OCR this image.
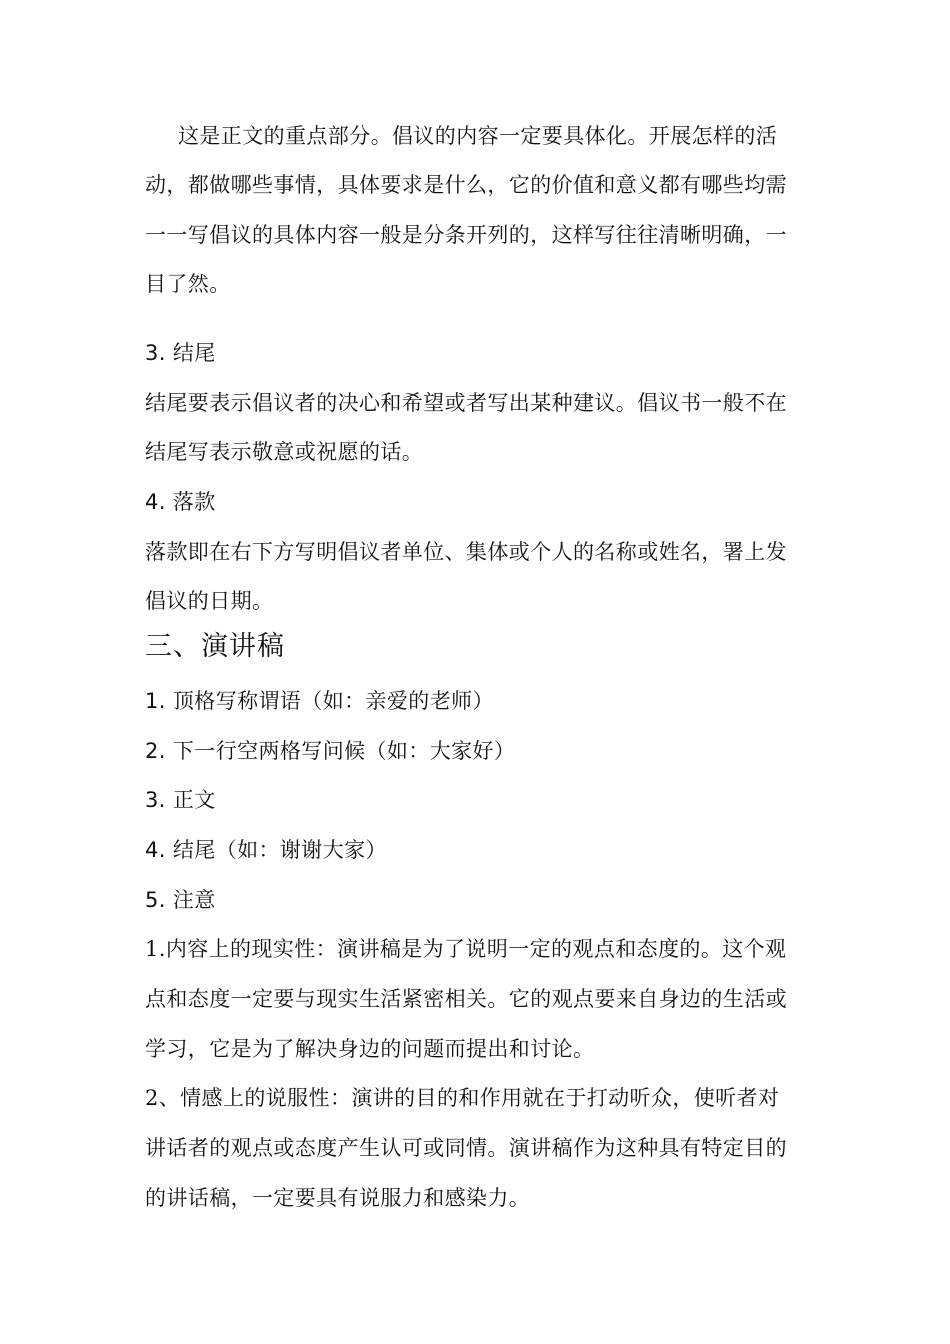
这是正文的重点部分。倡议的内容一定要具体化。开展怎样的活
动，都做哪些事情，具体要求是什么，它的价值和意义都有哪些均需
一一写倡议的具体内容一般是分条开列的，这样写往往清晰明确，一
目了然。
3. 结尾
结尾要表示倡议者的决心和希望或者写出某种建议。倡议书一般不在
结尾写表示敬意或祝愿的话。
4. 落款
落款即在右下方写明倡议者单位、集体或个人的名称或姓名，署上发
倡议的日期。
三、演讲稿
1. 顶格写称谓语（如：亲爱的老师）
2. 下一行空两格写问候（如：大家好）
3. 正文
4. 结尾（如：谢谢大家）
5. 注意
1.内容上的现实性：演讲稿是为了说明一定的观点和态度的。这个观
点和态度一定要与现实生活紧密相关。它的观点要来自身边的生活或
学习，它是为了解决身边的问题而提出和讨论。
2、情感上的说服性：演讲的目的和作用就在于打动听众，使听者对
讲话者的观点或态度产生认可或同情。演讲稿作为这种具有特定目的
的讲话稿，一定要具有说服力和感染力。
